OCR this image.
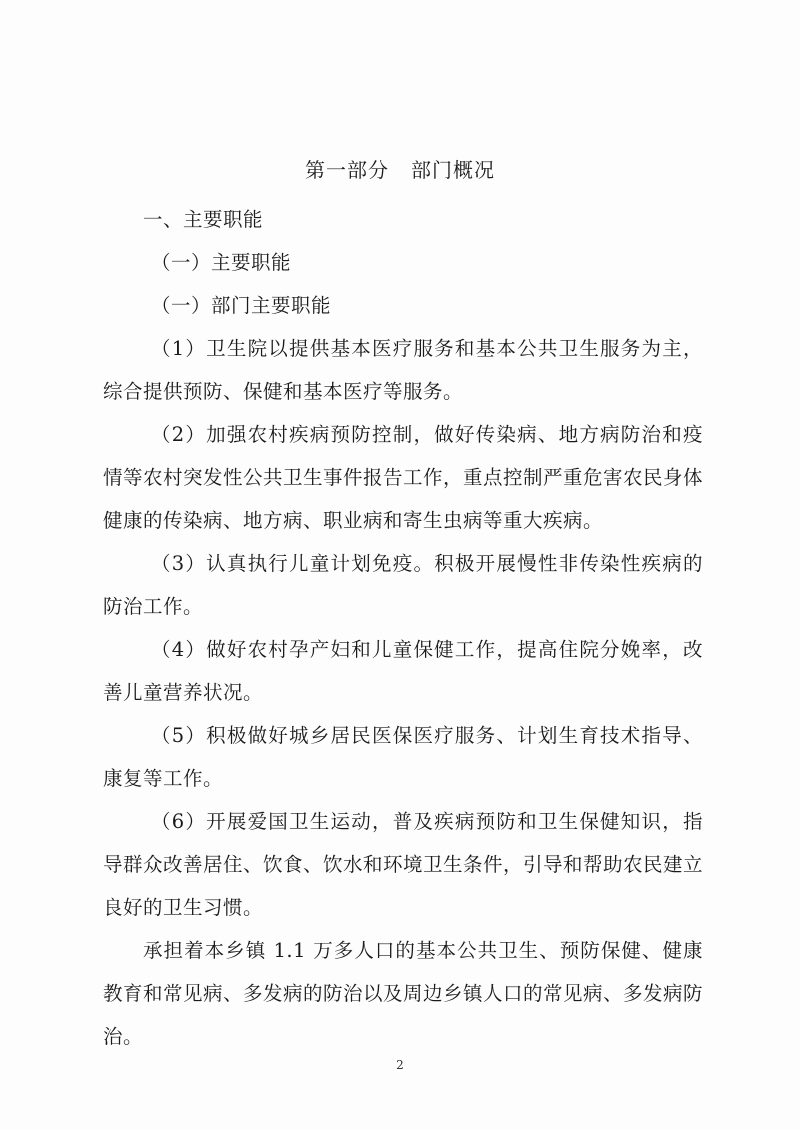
第一部分 部门概况

一、主要职能

（一）主要职能

（一）部门主要职能

（1）卫生院以提供基本医疗服务和基本公共卫生服务为主，综合提供预防、保健和基本医疗等服务。

（2）加强农村疾病预防控制，做好传染病、地方病防治和疫情等农村突发性公共卫生事件报告工作，重点控制严重危害农民身体健康的传染病、地方病、职业病和寄生虫病等重大疾病。

（3）认真执行儿童计划免疫。积极开展慢性非传染性疾病的防治工作。

（4）做好农村孕产妇和儿童保健工作，提高住院分娩率，改善儿童营养状况。

（5）积极做好城乡居民医保医疗服务、计划生育技术指导、康复等工作。

（6）开展爱国卫生运动，普及疾病预防和卫生保健知识，指导群众改善居住、饮食、饮水和环境卫生条件，引导和帮助农民建立良好的卫生习惯。

承担着本乡镇 1.1 万多人口的基本公共卫生、预防保健、健康教育和常见病、多发病的防治以及周边乡镇人口的常见病、多发病防治。

2
